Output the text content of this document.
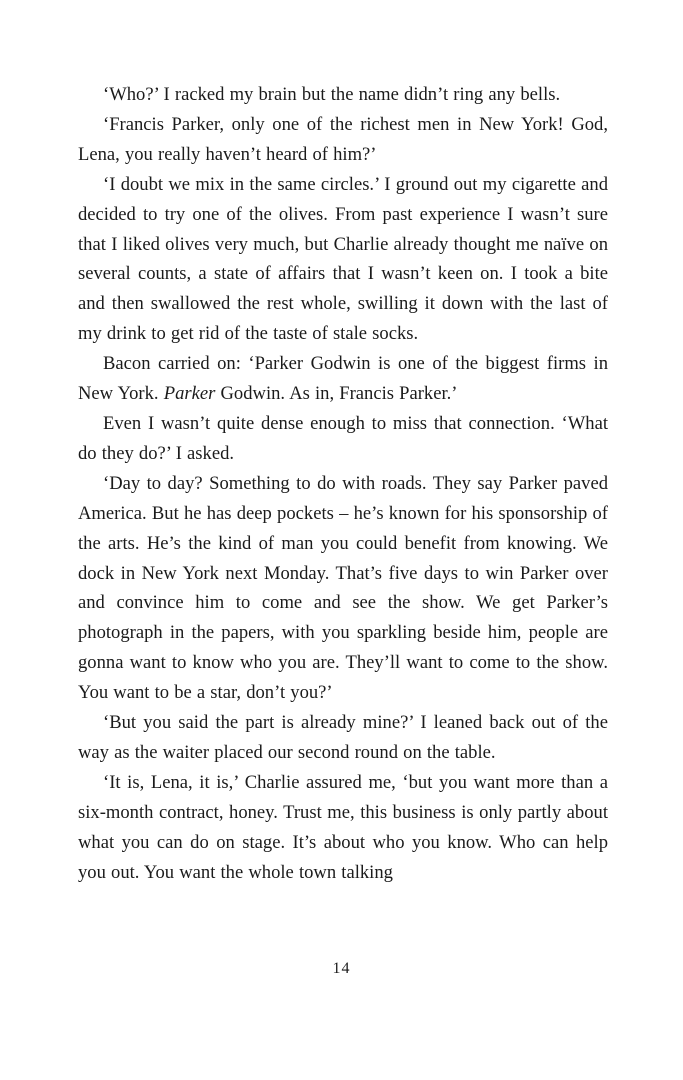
‘Who?’ I racked my brain but the name didn’t ring any bells.

‘Francis Parker, only one of the richest men in New York! God, Lena, you really haven’t heard of him?’

‘I doubt we mix in the same circles.’ I ground out my cigarette and decided to try one of the olives. From past experience I wasn’t sure that I liked olives very much, but Charlie already thought me naïve on several counts, a state of affairs that I wasn’t keen on. I took a bite and then swallowed the rest whole, swilling it down with the last of my drink to get rid of the taste of stale socks.

Bacon carried on: ‘Parker Godwin is one of the biggest firms in New York. Parker Godwin. As in, Francis Parker.’

Even I wasn’t quite dense enough to miss that connection. ‘What do they do?’ I asked.

‘Day to day? Something to do with roads. They say Parker paved America. But he has deep pockets – he’s known for his sponsorship of the arts. He’s the kind of man you could benefit from knowing. We dock in New York next Monday. That’s five days to win Parker over and convince him to come and see the show. We get Parker’s photograph in the papers, with you sparkling beside him, people are gonna want to know who you are. They’ll want to come to the show. You want to be a star, don’t you?’

‘But you said the part is already mine?’ I leaned back out of the way as the waiter placed our second round on the table.

‘It is, Lena, it is,’ Charlie assured me, ‘but you want more than a six-month contract, honey. Trust me, this business is only partly about what you can do on stage. It’s about who you know. Who can help you out. You want the whole town talking

14
